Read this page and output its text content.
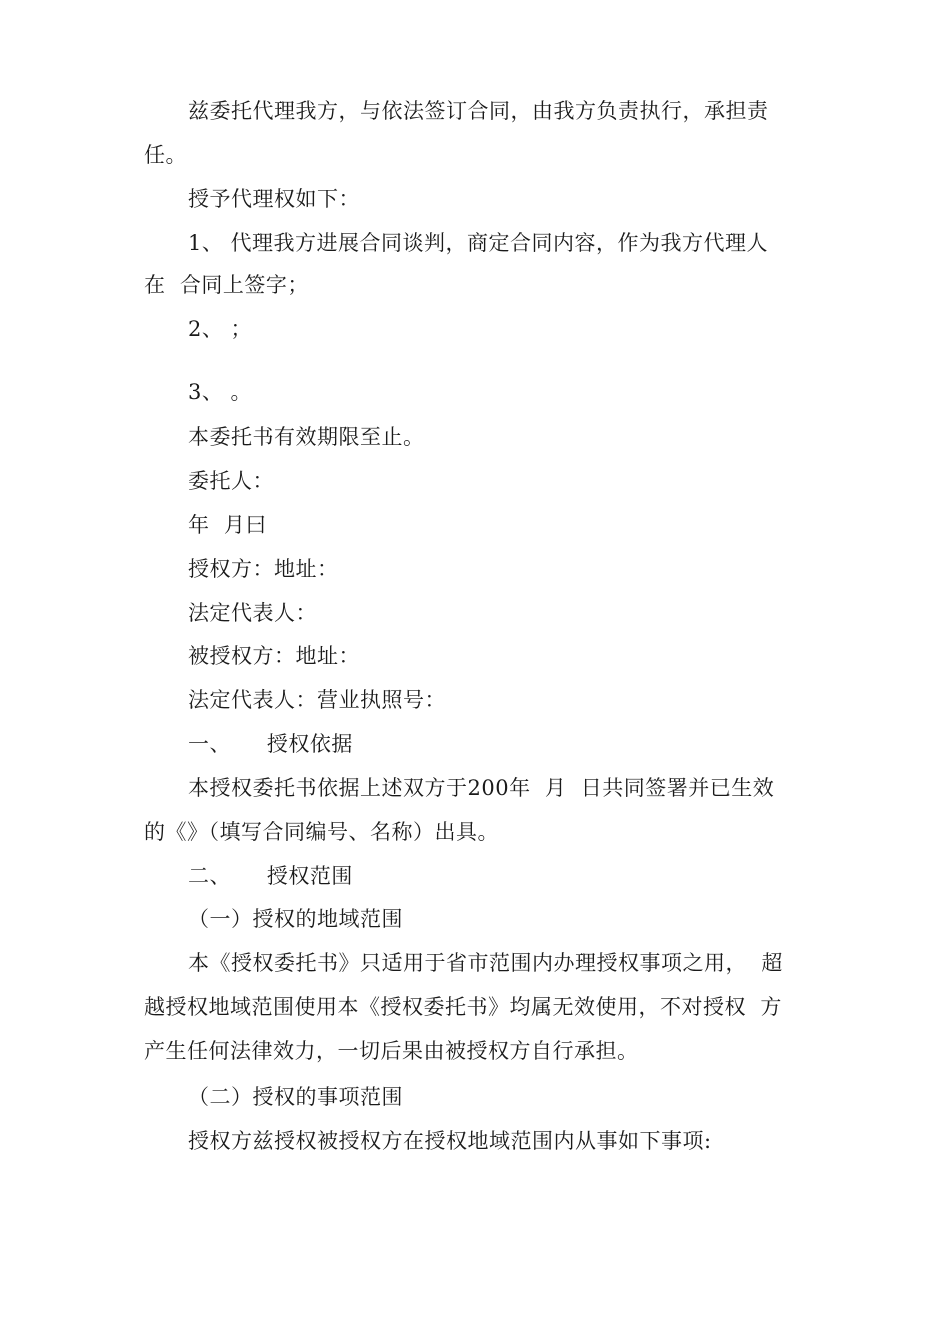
兹委托代理我方，与依法签订合同，由我方负责执行，承担责
任。
授予代理权如下：
1、 代理我方进展合同谈判，商定合同内容，作为我方代理人
在  合同上签字；
2、 ；
3、 。
本委托书有效期限至止。
委托人：
年  月曰
授权方：地址：
法定代表人：
被授权方：地址：
法定代表人：营业执照号：
一、     授权依据
本授权委托书依据上述双方于200年  月  日共同签署并已生效
的《》（填写合同编号、名称）出具。
二、     授权范围
（一）授权的地域范围
本《授权委托书》只适用于省市范围内办理授权事项之用，  超
越授权地域范围使用本《授权委托书》均属无效使用，不对授权  方
产生任何法律效力，一切后果由被授权方自行承担。
（二）授权的事项范围
授权方兹授权被授权方在授权地域范围内从事如下事项:
